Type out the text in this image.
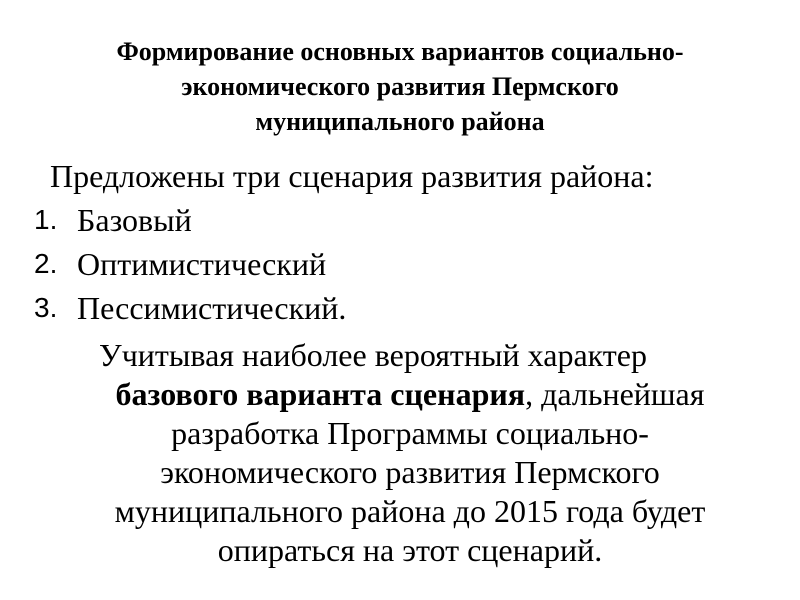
Формирование основных вариантов социально-
экономического развития Пермского
муниципального района

Предложены три сценария развития района:

1. Базовый
2. Оптимистический
3. Пессимистический.

Учитывая наиболее вероятный характер
базового варианта сценария, дальнейшая
разработка Программы социально-
экономического развития Пермского
муниципального района до 2015 года будет
опираться на этот сценарий.
